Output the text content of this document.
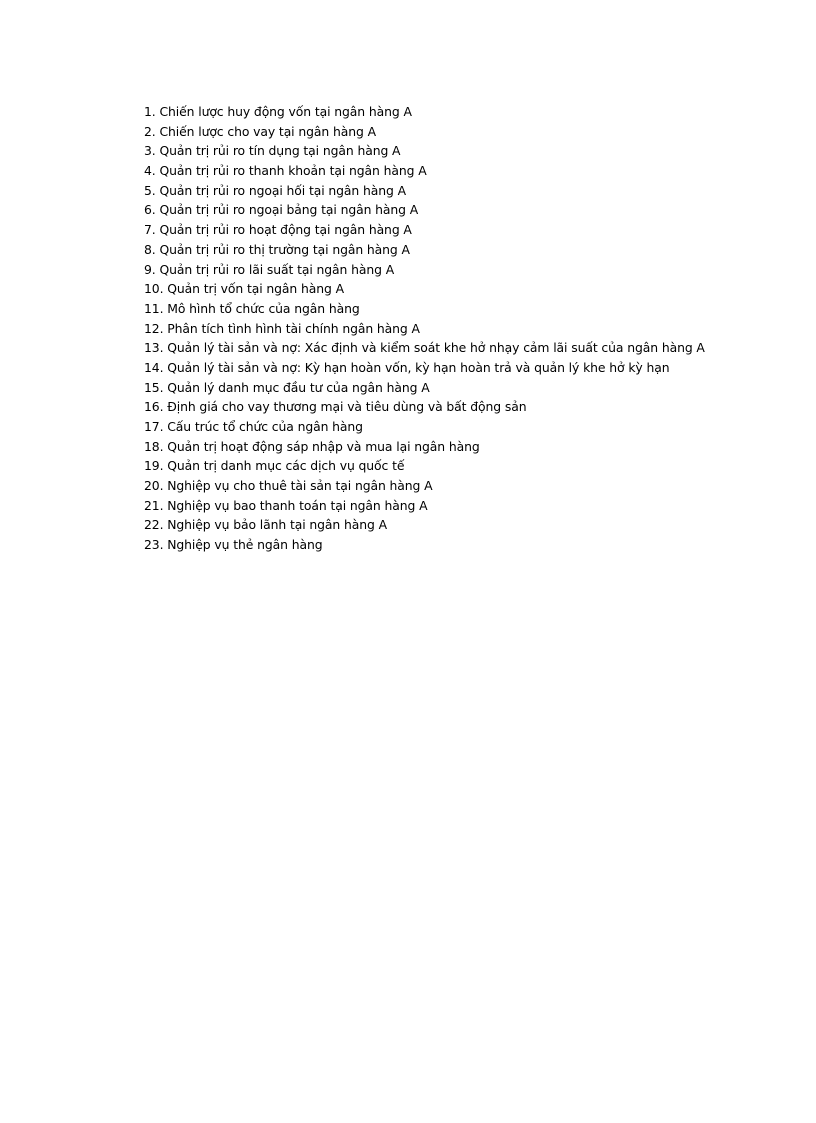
1. Chiến lược huy động vốn tại ngân hàng A
2. Chiến lược cho vay tại ngân hàng A
3. Quản trị rủi ro tín dụng tại ngân hàng A
4. Quản trị rủi ro thanh khoản tại ngân hàng A
5. Quản trị rủi ro ngoại hối tại ngân hàng A
6. Quản trị rủi ro ngoại bảng tại ngân hàng A
7. Quản trị rủi ro hoạt động tại ngân hàng A
8. Quản trị rủi ro thị trường tại ngân hàng A
9. Quản trị rủi ro lãi suất tại ngân hàng A
10. Quản trị vốn tại ngân hàng A
11. Mô hình tổ chức của ngân hàng
12. Phân tích tình hình tài chính ngân hàng A
13. Quản lý tài sản và nợ: Xác định và kiểm soát khe hở nhạy cảm lãi suất của ngân hàng A
14. Quản lý tài sản và nợ: Kỳ hạn hoàn vốn, kỳ hạn hoàn trả và quản lý khe hở kỳ hạn
15. Quản lý danh mục đầu tư của ngân hàng A
16. Định giá cho vay thương mại và tiêu dùng và bất động sản
17. Cấu trúc tổ chức của ngân hàng
18. Quản trị hoạt động sáp nhập và mua lại ngân hàng
19. Quản trị danh mục các dịch vụ quốc tế
20. Nghiệp vụ cho thuê tài sản tại ngân hàng A
21. Nghiệp vụ bao thanh toán tại ngân hàng A
22. Nghiệp vụ bảo lãnh tại ngân hàng A
23. Nghiệp vụ thẻ ngân hàng
